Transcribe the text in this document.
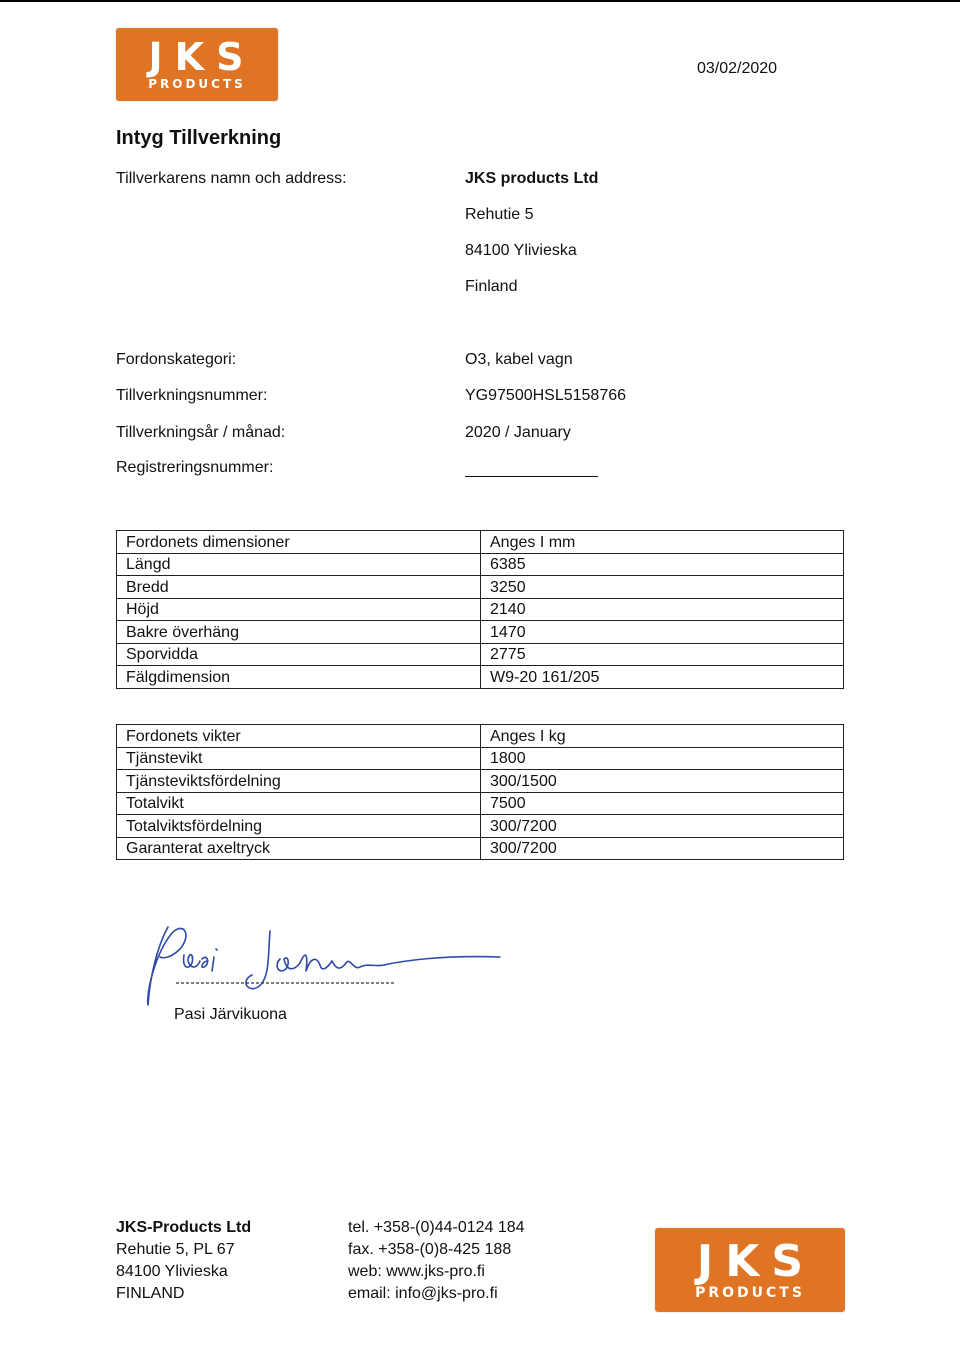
JKS
PRODUCTS
03/02/2020
Intyg Tillverkning
Tillverkarens namn och address:	JKS products Ltd
Rehutie 5
84100 Ylivieska
Finland
Fordonskategori:	O3, kabel vagn
Tillverkningsnummer:	YG97500HSL5158766
Tillverkningsår / månad:	2020 / January
Registreringsnummer:
Fordonets dimensioner	Anges I mm
Längd	6385
Bredd	3250
Höjd	2140
Bakre överhäng	1470
Sporvidda	2775
Fälgdimension	W9-20 161/205
Fordonets vikter	Anges I kg
Tjänstevikt	1800
Tjänsteviktsfördelning	300/1500
Totalvikt	7500
Totalviktsfördelning	300/7200
Garanterat axeltryck	300/7200
Pasi Järvikuona
JKS-Products Ltd
Rehutie 5, PL 67
84100 Ylivieska
FINLAND
tel. +358-(0)44-0124 184
fax. +358-(0)8-425 188
web: www.jks-pro.fi
email: info@jks-pro.fi
JKS
PRODUCTS
